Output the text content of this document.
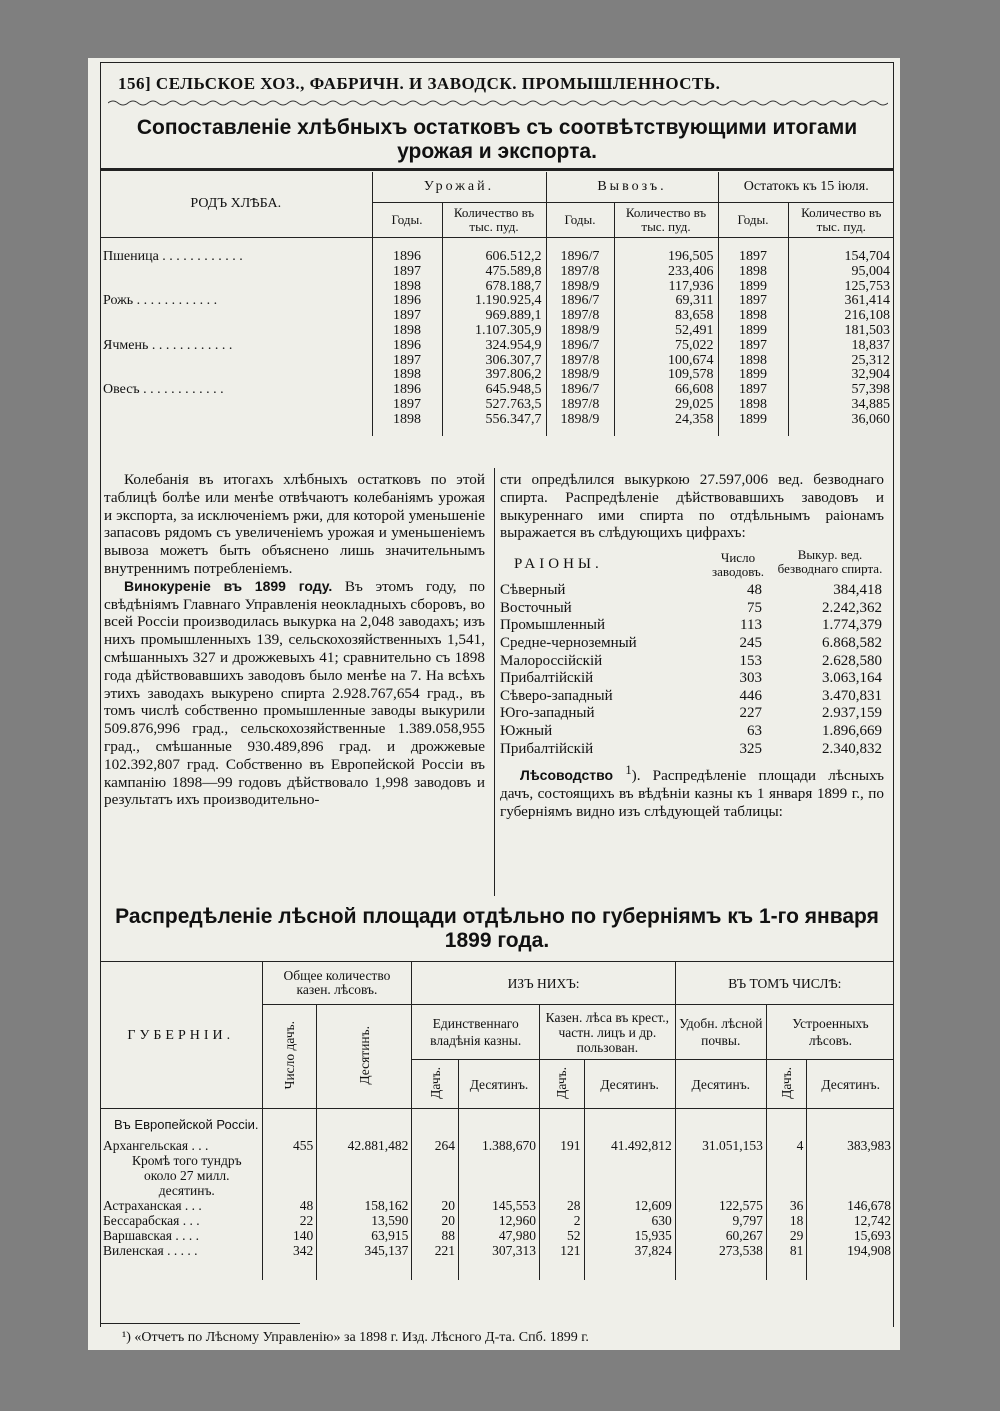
156] СЕЛЬСКОЕ ХОЗ., ФАБРИЧН. И ЗАВОДСК. ПРОМЫШЛЕННОСТЬ.
Сопоставленіе хлѣбныхъ остатковъ съ соотвѣтствующими итогами урожая и экспорта.
РОДЪ ХЛѢБА.	Урожай.		Вывозъ.		Остатокъ къ 15 іюля.	
	Годы.	Количество въ тыс. пуд.	Годы.	Количество въ тыс. пуд.	Годы.	Количество въ тыс. пуд.

Пшеница . . . . . . . . . . . .	1896	606.512,2	1896/7	196,505	1897	154,704
	1897	475.589,8	1897/8	233,406	1898	95,004
	1898	678.188,7	1898/9	117,936	1899	125,753
Рожь . . . . . . . . . . . .	1896	1.190.925,4	1896/7	69,311	1897	361,414
	1897	969.889,1	1897/8	83,658	1898	216,108
	1898	1.107.305,9	1898/9	52,491	1899	181,503
Ячмень . . . . . . . . . . . .	1896	324.954,9	1896/7	75,022	1897	18,837
	1897	306.307,7	1897/8	100,674	1898	25,312
	1898	397.806,2	1898/9	109,578	1899	32,904
Овесъ . . . . . . . . . . . .	1896	645.948,5	1896/7	66,608	1897	57,398
	1897	527.763,5	1897/8	29,025	1898	34,885
	1898	556.347,7	1898/9	24,358	1899	36,060

Колебанія въ итогахъ хлѣбныхъ остатковъ по этой таблицѣ болѣе или менѣе отвѣчаютъ колебаніямъ урожая и экспорта, за исключеніемъ ржи, для которой уменьшеніе запасовъ рядомъ съ увеличеніемъ урожая и уменьшеніемъ вывоза можетъ быть объяснено лишь значительнымъ внутреннимъ потребленіемъ.

Винокуреніе въ 1899 году. Въ этомъ году, по свѣдѣніямъ Главнаго Управленія неокладныхъ сборовъ, во всей Россіи производилась выкурка на 2,048 заводахъ; изъ нихъ промышленныхъ 139, сельскохозяйственныхъ 1,541, смѣшанныхъ 327 и дрожжевыхъ 41; сравнительно съ 1898 года дѣйствовавшихъ заводовъ было менѣе на 7. На всѣхъ этихъ заводахъ выкурено спирта 2.928.767,654 град., въ томъ числѣ собственно промышленные заводы выкурили 509.876,996 град., сельскохозяйственные 1.389.058,955 град., смѣшанные 930.489,896 град. и дрожжевые 102.392,807 град. Собственно въ Европейской Россіи въ кампанію 1898—99 годовъ дѣйствовало 1,998 заводовъ и результатъ ихъ производительно-

сти опредѣлился выкуркою 27.597,006 вед. безводнаго спирта. Распредѣленіе дѣйствовавшихъ заводовъ и выкуреннаго ими спирта по отдѣльнымъ раіонамъ выражается въ слѣдующихъ цифрахъ:

РАІОНЫ.	Число заводовъ.	Выкур. вед. безводнаго спирта.
Сѣверный	48	384,418
Восточный	75	2.242,362
Промышленный	113	1.774,379
Средне-черноземный	245	6.868,582
Малороссійскій	153	2.628,580
Прибалтійскій	303	3.063,164
Сѣверо-западный	446	3.470,831
Юго-западный	227	2.937,159
Южный	63	1.896,669
Прибалтійскій	325	2.340,832

Лѣсоводство $^1$). Распредѣленіе площади лѣсныхъ дачъ, состоящихъ въ вѣдѣніи казны къ 1 января 1899 г., по губерніямъ видно изъ слѣдующей таблицы:

Распредѣленіе лѣсной площади отдѣльно по губерніямъ къ 1-го января 1899 года.
ГУБЕРНІИ.	Общее количество казен. лѣсовъ.		ИЗЪ НИХЪ:				ВЪ ТОМЪ ЧИСЛѢ:		
	Число дачъ.	Десятинъ.	Единственнаго владѣнія казны.		Казен. лѣса въ крест., частн. лицъ и др. пользован.		Удобн. лѣсной почвы.	Устроенныхъ лѣсовъ.	
			Дачъ.	Десятинъ.	Дачъ.	Десятинъ.	Десятинъ.	Дачъ.	Десятинъ.
Въ Европейской Россіи.									
Архангельская . . .	455	42.881,482	264	1.388,670	191	41.492,812	31.051,153	4	383,983
Кромѣ того тундръ около 27 милл. десятинъ.									
Астраханская . . .	48	158,162	20	145,553	28	12,609	122,575	36	146,678
Бессарабская . . .	22	13,590	20	12,960	2	630	9,797	18	12,742
Варшавская . . . .	140	63,915	88	47,980	52	15,935	60,267	29	15,693
Виленская . . . . .	342	345,137	221	307,313	121	37,824	273,538	81	194,908

¹) «Отчетъ по Лѣсному Управленію» за 1898 г. Изд. Лѣсного Д-та. Спб. 1899 г.
